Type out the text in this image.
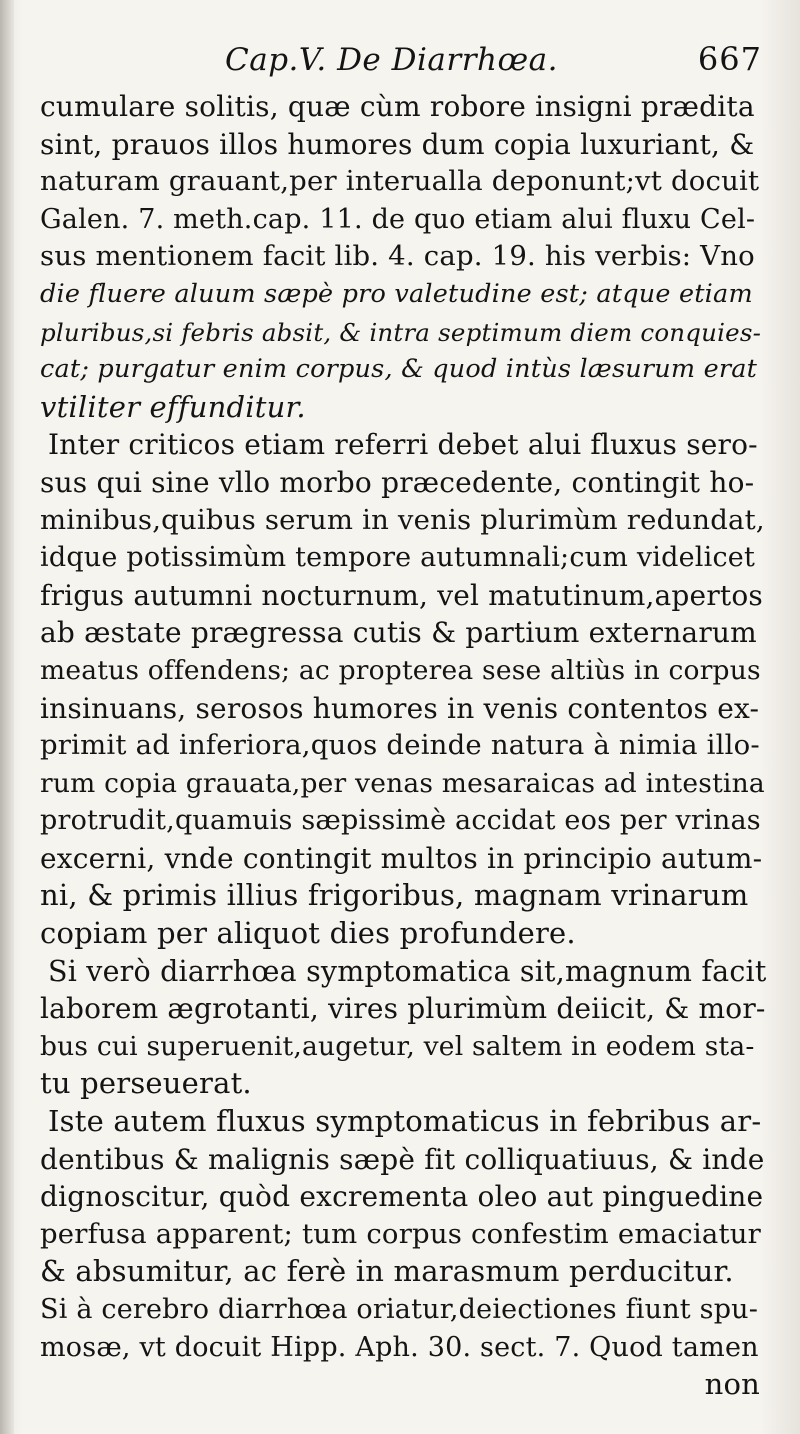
Cap.V. De Diarrhœa.	667
cumulare solitis, quæ cùm robore insigni prædita
sint, prauos illos humores dum copia luxuriant, &
naturam grauant,per interualla deponunt;vt docuit
Galen. 7. meth.cap. 11. de quo etiam alui fluxu Cel-
sus mentionem facit lib. 4. cap. 19. his verbis: Vno
die fluere aluum sæpè pro valetudine est; atque etiam
pluribus,si febris absit, & intra septimum diem conquies-
cat; purgatur enim corpus, & quod intùs læsurum erat
vtiliter effunditur.
Inter criticos etiam referri debet alui fluxus sero-
sus qui sine vllo morbo præcedente, contingit ho-
minibus,quibus serum in venis plurimùm redundat,
idque potissimùm tempore autumnali;cum videlicet
frigus autumni nocturnum, vel matutinum,apertos
ab æstate prægressa cutis & partium externarum
meatus offendens; ac propterea sese altiùs in corpus
insinuans, serosos humores in venis contentos ex-
primit ad inferiora,quos deinde natura à nimia illo-
rum copia grauata,per venas mesaraicas ad intestina
protrudit,quamuis sæpissimè accidat eos per vrinas
excerni, vnde contingit multos in principio autum-
ni, & primis illius frigoribus, magnam vrinarum
copiam per aliquot dies profundere.
Si verò diarrhœa symptomatica sit,magnum facit
laborem ægrotanti, vires plurimùm deiicit, & mor-
bus cui superuenit,augetur, vel saltem in eodem sta-
tu perseuerat.
Iste autem fluxus symptomaticus in febribus ar-
dentibus & malignis sæpè fit colliquatiuus, & inde
dignoscitur, quòd excrementa oleo aut pinguedine
perfusa apparent; tum corpus confestim emaciatur
& absumitur, ac ferè in marasmum perducitur.
Si à cerebro diarrhœa oriatur,deiectiones fiunt spu-
mosæ, vt docuit Hipp. Aph. 30. sect. 7. Quod tamen
non
